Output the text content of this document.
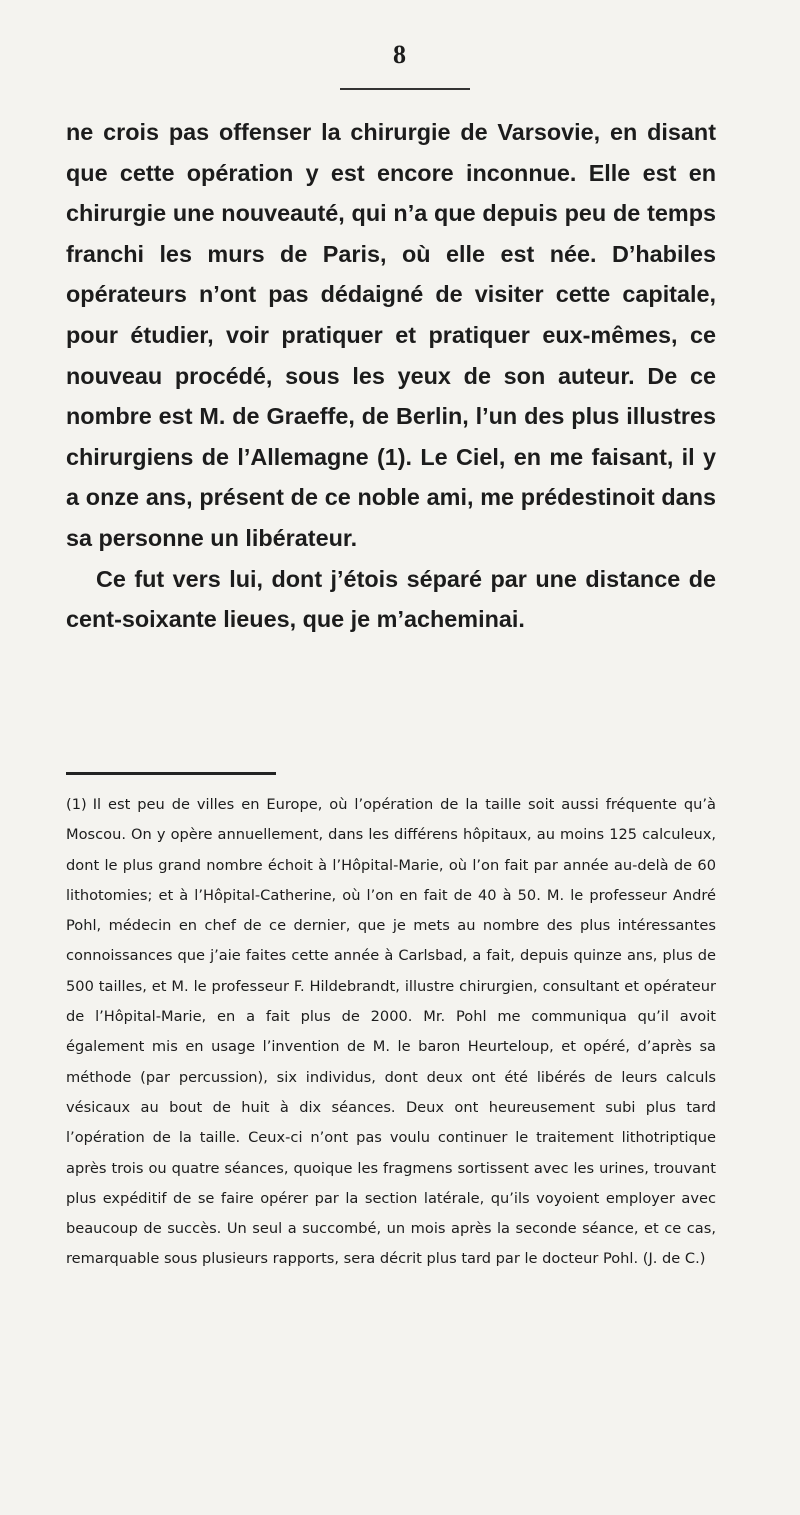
8

ne crois pas offenser la chirurgie de Varsovie, en disant que cette opération y est encore inconnue. Elle est en chirurgie une nouveauté, qui n’a que depuis peu de temps franchi les murs de Paris, où elle est née. D’habiles opérateurs n’ont pas dédaigné de visiter cette capitale, pour étudier, voir pratiquer et pratiquer eux-mêmes, ce nouveau procédé, sous les yeux de son auteur. De ce nombre est M. de Graeffe, de Berlin, l’un des plus illustres chirurgiens de l’Allemagne (1). Le Ciel, en me faisant, il y a onze ans, présent de ce noble ami, me prédestinoit dans sa personne un libérateur.

Ce fut vers lui, dont j’étois séparé par une distance de cent-soixante lieues, que je m’acheminai.

(1) Il est peu de villes en Europe, où l’opération de la taille soit aussi fréquente qu’à Moscou. On y opère annuellement, dans les différens hôpitaux, au moins 125 calculeux, dont le plus grand nombre échoit à l’Hôpital-Marie, où l’on fait par année au-delà de 60 lithotomies; et à l’Hôpital-Catherine, où l’on en fait de 40 à 50. M. le professeur André Pohl, médecin en chef de ce dernier, que je mets au nombre des plus intéressantes connoissances que j’aie faites cette année à Carlsbad, a fait, depuis quinze ans, plus de 500 tailles, et M. le professeur F. Hildebrandt, illustre chirurgien, consultant et opérateur de l’Hôpital-Marie, en a fait plus de 2000. Mr. Pohl me communiqua qu’il avoit également mis en usage l’invention de M. le baron Heurteloup, et opéré, d’après sa méthode (par percussion), six individus, dont deux ont été libérés de leurs calculs vésicaux au bout de huit à dix séances. Deux ont heureusement subi plus tard l’opération de la taille. Ceux-ci n’ont pas voulu continuer le traitement lithotriptique après trois ou quatre séances, quoique les fragmens sortissent avec les urines, trouvant plus expéditif de se faire opérer par la section latérale, qu’ils voyoient employer avec beaucoup de succès. Un seul a succombé, un mois après la seconde séance, et ce cas, remarquable sous plusieurs rapports, sera décrit plus tard par le docteur Pohl. (J. de C.)
